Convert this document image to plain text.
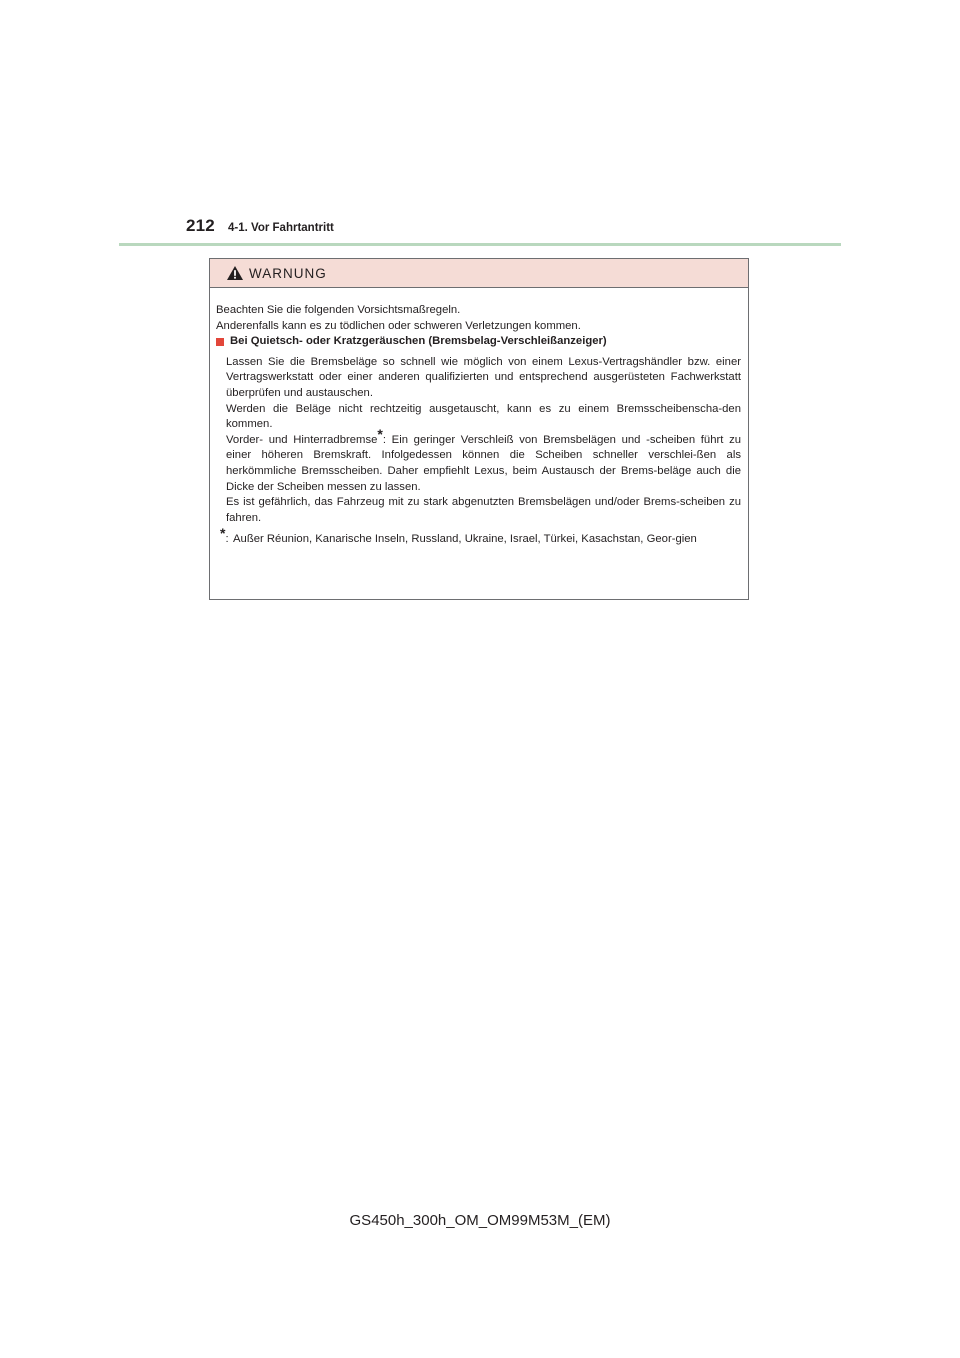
212 4-1. Vor Fahrtantritt
WARNUNG

Beachten Sie die folgenden Vorsichtsmaßregeln.

Anderenfalls kann es zu tödlichen oder schweren Verletzungen kommen.

Bei Quietsch- oder Kratzgeräuschen (Bremsbelag-Verschleißanzeiger)

Lassen Sie die Bremsbeläge so schnell wie möglich von einem Lexus-Vertragshändler bzw. einer Vertragswerkstatt oder einer anderen qualifizierten und entsprechend ausgerüsteten Fachwerkstatt überprüfen und austauschen.

Werden die Beläge nicht rechtzeitig ausgetauscht, kann es zu einem Bremsscheibenscha-den kommen.

Vorder- und Hinterradbremse*: Ein geringer Verschleiß von Bremsbelägen und -scheiben führt zu einer höheren Bremskraft. Infolgedessen können die Scheiben schneller verschlei-ßen als herkömmliche Bremsscheiben. Daher empfiehlt Lexus, beim Austausch der Brems-beläge auch die Dicke der Scheiben messen zu lassen.

Es ist gefährlich, das Fahrzeug mit zu stark abgenutzten Bremsbelägen und/oder Brems-scheiben zu fahren.

*: Außer Réunion, Kanarische Inseln, Russland, Ukraine, Israel, Türkei, Kasachstan, Geor-gien
GS450h_300h_OM_OM99M53M_(EM)
